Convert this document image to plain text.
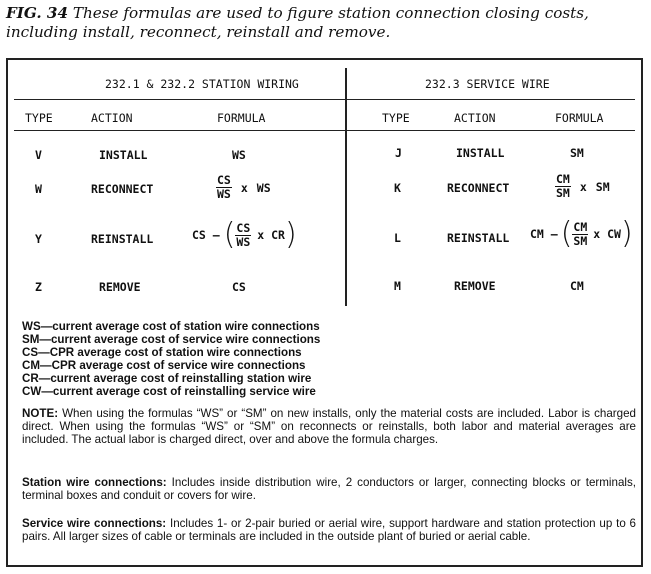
FIG. 34 These formulas are used to figure station connection closing costs, including install, reconnect, reinstall and remove.
232.1 & 232.2 STATION WIRING	232.3 SERVICE WIRE
TYPE	ACTION	FORMULA	TYPE	ACTION	FORMULA
V	INSTALL	WS
W	RECONNECT	$\frac{CS}{WS}$ x WS
Y	REINSTALL	CS – ( $\frac{CS}{WS}$ x CR )
Z	REMOVE	CS
J	INSTALL	SM
K	RECONNECT	$\frac{CM}{SM}$ x SM
L	REINSTALL CM – ( $\frac{CM}{SM}$ x CW )
M	REMOVE	CM
WS—current average cost of station wire connections
SM—current average cost of service wire connections
CS—CPR average cost of station wire connections
CM—CPR average cost of service wire connections
CR—current average cost of reinstalling station wire
CW—current average cost of reinstalling service wire
NOTE: When using the formulas “WS” or “SM” on new installs, only the material costs are included. Labor is charged direct. When using the formulas “WS” or “SM” on reconnects or reinstalls, both labor and material averages are included. The actual labor is charged direct, over and above the formula charges.
Station wire connections: Includes inside distribution wire, 2 conductors or larger, connecting blocks or terminals, terminal boxes and conduit or covers for wire.
Service wire connections: Includes 1- or 2-pair buried or aerial wire, support hardware and station protection up to 6 pairs. All larger sizes of cable or terminals are included in the outside plant of buried or aerial cable.
